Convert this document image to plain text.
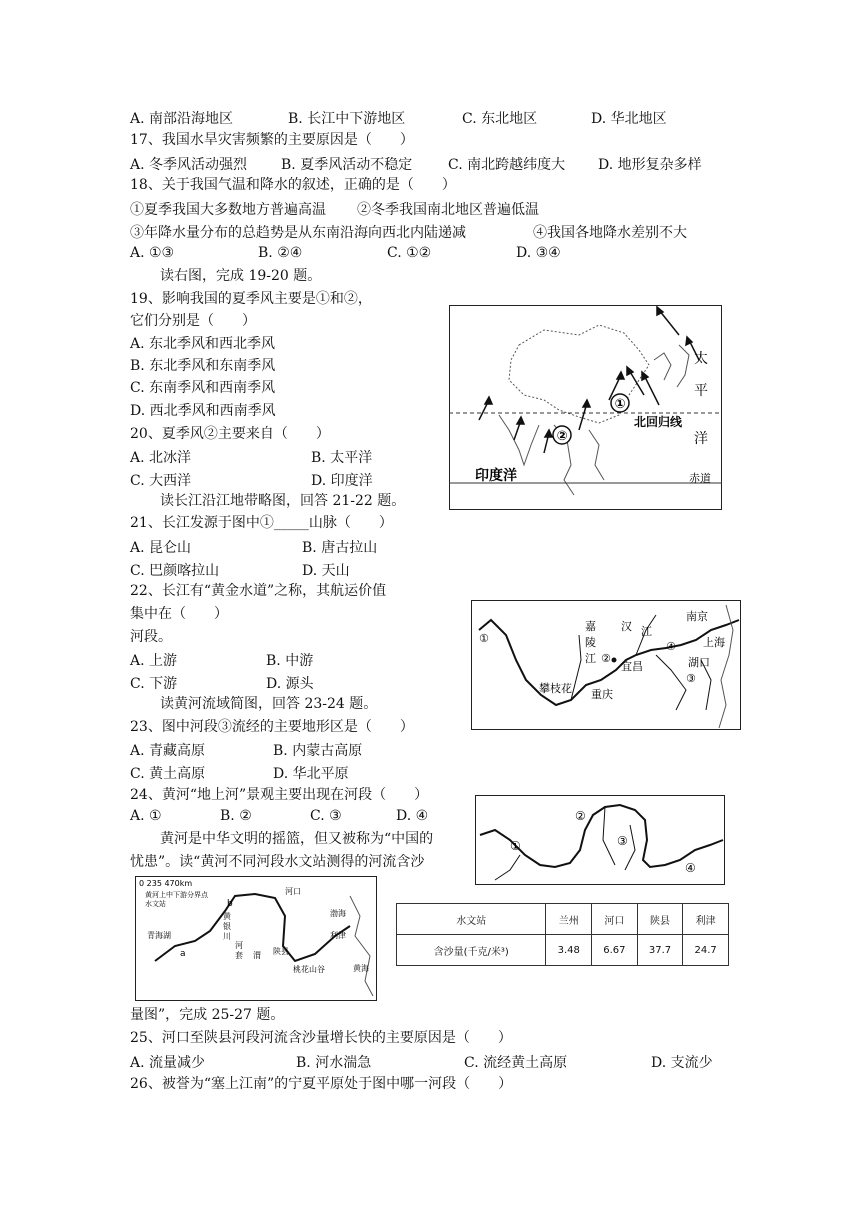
A. 南部沿海地区	B. 长江中下游地区	C. 东北地区	D. 华北地区
17、我国水旱灾害频繁的主要原因是（　　）
A. 冬季风活动强烈 B. 夏季风活动不稳定	C. 南北跨越纬度大 D. 地形复杂多样
18、关于我国气温和降水的叙述，正确的是（　　）
①夏季我国大多数地方普遍高温 ②冬季我国南北地区普遍低温
③年降水量分布的总趋势是从东南沿海向西北内陆递减	④我国各地降水差别不大
A. ①③	B. ②④	C. ①②	D. ③④
读右图，完成 19-20 题。
19、影响我国的夏季风主要是①和②，
它们分别是（　　）
A. 东北季风和西北季风
B. 东北季风和东南季风
C. 东南季风和西南季风
D. 西北季风和西南季风
20、夏季风②主要来自（　　）
A. 北冰洋	B. 太平洋
C. 大西洋	D. 印度洋
①
②
太
平
洋
北回归线
印度洋	赤道
读长江沿江地带略图，回答 21-22 题。
21、长江发源于图中①_____山脉（　　）
A. 昆仑山	B. 唐古拉山
C. 巴颜喀拉山	D. 天山
22、长江有“黄金水道”之称，其航运价值
集中在（　　）
河段。
A. 上游	B. 中游
C. 下游	D. 源头
①
②
③
④
嘉
陵
江
汉 江
宜昌
重庆
攀枝花
南京
上海
湖口
读黄河流域简图，回答 23-24 题。
23、图中河段③流经的主要地形区是（　　）
A. 青藏高原	B. 内蒙古高原
C. 黄土高原	D. 华北平原
24、黄河“地上河”景观主要出现在河段（　　）
A. ①	B. ②	C. ③	D. ④
①
②
③
④
黄河是中华文明的摇篮，但又被称为“中国的
忧患”。读“黄河不同河段水文站测得的河流含沙
0 235 470km
黄河上中下游分界点
水文站
青海湖
黄
银
川
河口
渤海
利津
黄海
陕县
桃花山谷
河
套 渭
a
b
水文站	兰州	河口	陕县	利津
含沙量(千克/米³)	3.48	6.67	37.7	24.7
量图”，完成 25-27 题。
25、河口至陕县河段河流含沙量增长快的主要原因是（　　）
A. 流量减少	B. 河水湍急	C. 流经黄土高原	D. 支流少
26、被誉为“塞上江南”的宁夏平原处于图中哪一河段（　　）
